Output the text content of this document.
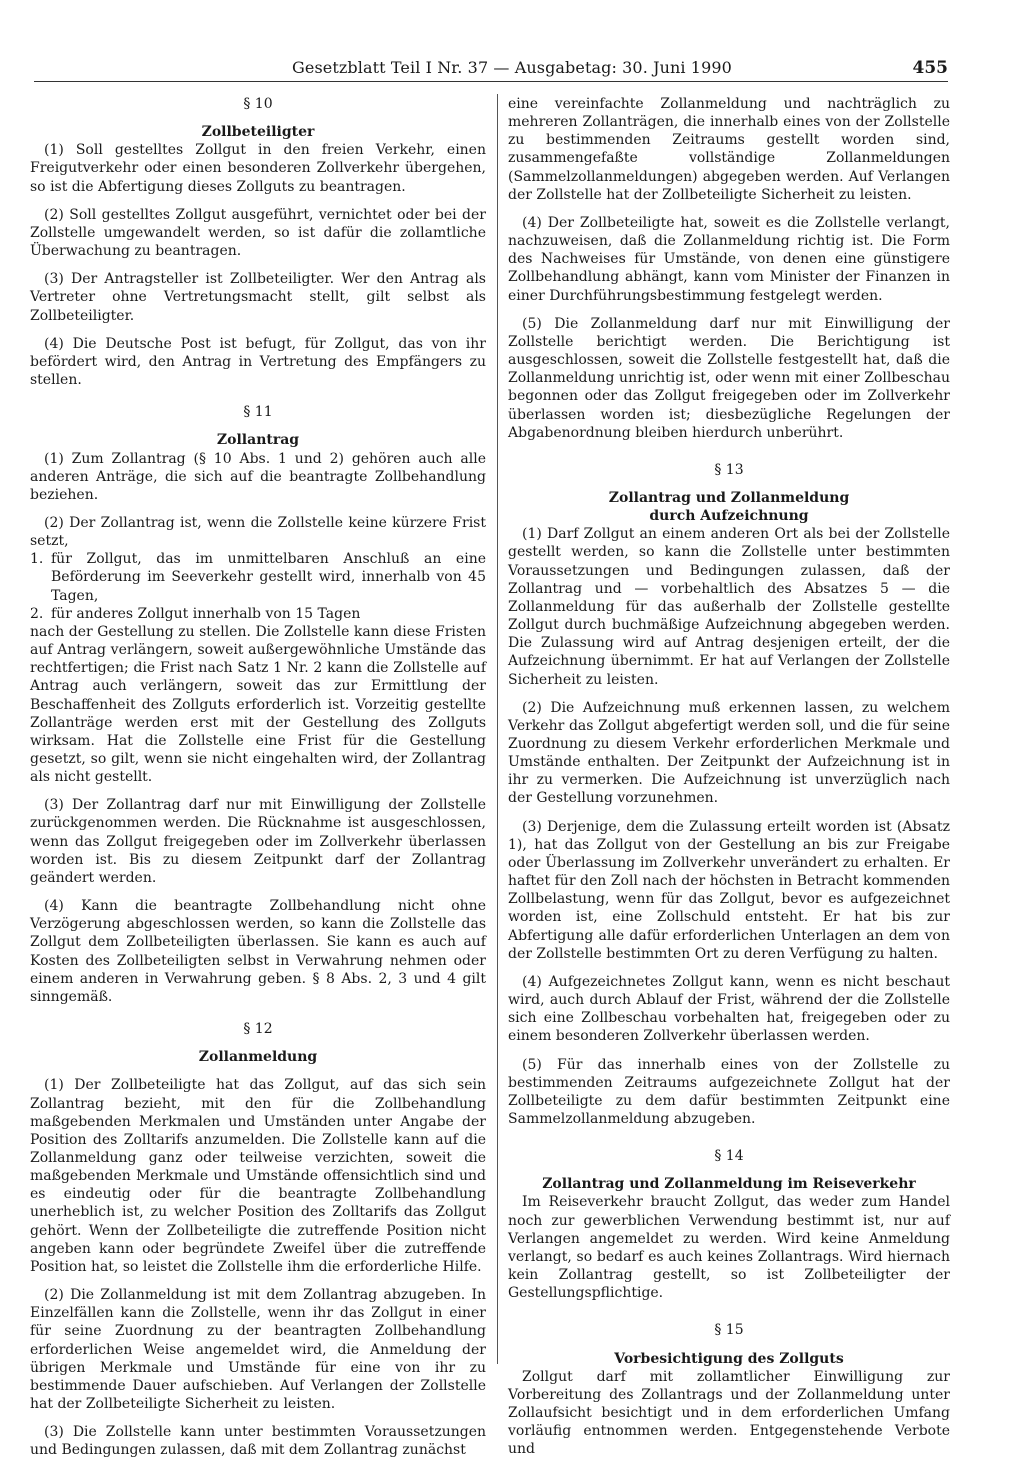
Gesetzblatt Teil I Nr. 37 — Ausgabetag: 30. Juni 1990	455

§ 10

Zollbeteiligter

(1) Soll gestelltes Zollgut in den freien Verkehr, einen Freigutverkehr oder einen besonderen Zollverkehr übergehen, so ist die Abfertigung dieses Zollguts zu beantragen.

(2) Soll gestelltes Zollgut ausgeführt, vernichtet oder bei der Zollstelle umgewandelt werden, so ist dafür die zollamtliche Überwachung zu beantragen.

(3) Der Antragsteller ist Zollbeteiligter. Wer den Antrag als Vertreter ohne Vertretungsmacht stellt, gilt selbst als Zollbeteiligter.

(4) Die Deutsche Post ist befugt, für Zollgut, das von ihr befördert wird, den Antrag in Vertretung des Empfängers zu stellen.

§ 11

Zollantrag

(1) Zum Zollantrag (§ 10 Abs. 1 und 2) gehören auch alle anderen Anträge, die sich auf die beantragte Zollbehandlung beziehen.

(2) Der Zollantrag ist, wenn die Zollstelle keine kürzere Frist setzt,

1. für Zollgut, das im unmittelbaren Anschluß an eine Beförderung im Seeverkehr gestellt wird, innerhalb von 45 Tagen,
2. für anderes Zollgut innerhalb von 15 Tagen

nach der Gestellung zu stellen. Die Zollstelle kann diese Fristen auf Antrag verlängern, soweit außergewöhnliche Umstände das rechtfertigen; die Frist nach Satz 1 Nr. 2 kann die Zollstelle auf Antrag auch verlängern, soweit das zur Ermittlung der Beschaffenheit des Zollguts erforderlich ist. Vorzeitig gestellte Zollanträge werden erst mit der Gestellung des Zollguts wirksam. Hat die Zollstelle eine Frist für die Gestellung gesetzt, so gilt, wenn sie nicht eingehalten wird, der Zollantrag als nicht gestellt.

(3) Der Zollantrag darf nur mit Einwilligung der Zollstelle zurückgenommen werden. Die Rücknahme ist ausgeschlossen, wenn das Zollgut freigegeben oder im Zollverkehr überlassen worden ist. Bis zu diesem Zeitpunkt darf der Zollantrag geändert werden.

(4) Kann die beantragte Zollbehandlung nicht ohne Verzögerung abgeschlossen werden, so kann die Zollstelle das Zollgut dem Zollbeteiligten überlassen. Sie kann es auch auf Kosten des Zollbeteiligten selbst in Verwahrung nehmen oder einem anderen in Verwahrung geben. § 8 Abs. 2, 3 und 4 gilt sinngemäß.

§ 12

Zollanmeldung

(1) Der Zollbeteiligte hat das Zollgut, auf das sich sein Zollantrag bezieht, mit den für die Zollbehandlung maßgebenden Merkmalen und Umständen unter Angabe der Position des Zolltarifs anzumelden. Die Zollstelle kann auf die Zollanmeldung ganz oder teilweise verzichten, soweit die maßgebenden Merkmale und Umstände offensichtlich sind und es eindeutig oder für die beantragte Zollbehandlung unerheblich ist, zu welcher Position des Zolltarifs das Zollgut gehört. Wenn der Zollbeteiligte die zutreffende Position nicht angeben kann oder begründete Zweifel über die zutreffende Position hat, so leistet die Zollstelle ihm die erforderliche Hilfe.

(2) Die Zollanmeldung ist mit dem Zollantrag abzugeben. In Einzelfällen kann die Zollstelle, wenn ihr das Zollgut in einer für seine Zuordnung zu der beantragten Zollbehandlung erforderlichen Weise angemeldet wird, die Anmeldung der übrigen Merkmale und Umstände für eine von ihr zu bestimmende Dauer aufschieben. Auf Verlangen der Zollstelle hat der Zollbeteiligte Sicherheit zu leisten.

(3) Die Zollstelle kann unter bestimmten Voraussetzungen und Bedingungen zulassen, daß mit dem Zollantrag zunächst

eine vereinfachte Zollanmeldung und nachträglich zu mehreren Zollanträgen, die innerhalb eines von der Zollstelle zu bestimmenden Zeitraums gestellt worden sind, zusammengefaßte vollständige Zollanmeldungen (Sammelzollanmeldungen) abgegeben werden. Auf Verlangen der Zollstelle hat der Zollbeteiligte Sicherheit zu leisten.

(4) Der Zollbeteiligte hat, soweit es die Zollstelle verlangt, nachzuweisen, daß die Zollanmeldung richtig ist. Die Form des Nachweises für Umstände, von denen eine günstigere Zollbehandlung abhängt, kann vom Minister der Finanzen in einer Durchführungsbestimmung festgelegt werden.

(5) Die Zollanmeldung darf nur mit Einwilligung der Zollstelle berichtigt werden. Die Berichtigung ist ausgeschlossen, soweit die Zollstelle festgestellt hat, daß die Zollanmeldung unrichtig ist, oder wenn mit einer Zollbeschau begonnen oder das Zollgut freigegeben oder im Zollverkehr überlassen worden ist; diesbezügliche Regelungen der Abgabenordnung bleiben hierdurch unberührt.

§ 13

Zollantrag und Zollanmeldung

durch Aufzeichnung

(1) Darf Zollgut an einem anderen Ort als bei der Zollstelle gestellt werden, so kann die Zollstelle unter bestimmten Voraussetzungen und Bedingungen zulassen, daß der Zollantrag und — vorbehaltlich des Absatzes 5 — die Zollanmeldung für das außerhalb der Zollstelle gestellte Zollgut durch buchmäßige Aufzeichnung abgegeben werden. Die Zulassung wird auf Antrag desjenigen erteilt, der die Aufzeichnung übernimmt. Er hat auf Verlangen der Zollstelle Sicherheit zu leisten.

(2) Die Aufzeichnung muß erkennen lassen, zu welchem Verkehr das Zollgut abgefertigt werden soll, und die für seine Zuordnung zu diesem Verkehr erforderlichen Merkmale und Umstände enthalten. Der Zeitpunkt der Aufzeichnung ist in ihr zu vermerken. Die Aufzeichnung ist unverzüglich nach der Gestellung vorzunehmen.

(3) Derjenige, dem die Zulassung erteilt worden ist (Absatz 1), hat das Zollgut von der Gestellung an bis zur Freigabe oder Überlassung im Zollverkehr unverändert zu erhalten. Er haftet für den Zoll nach der höchsten in Betracht kommenden Zollbelastung, wenn für das Zollgut, bevor es aufgezeichnet worden ist, eine Zollschuld entsteht. Er hat bis zur Abfertigung alle dafür erforderlichen Unterlagen an dem von der Zollstelle bestimmten Ort zu deren Verfügung zu halten.

(4) Aufgezeichnetes Zollgut kann, wenn es nicht beschaut wird, auch durch Ablauf der Frist, während der die Zollstelle sich eine Zollbeschau vorbehalten hat, freigegeben oder zu einem besonderen Zollverkehr überlassen werden.

(5) Für das innerhalb eines von der Zollstelle zu bestimmenden Zeitraums aufgezeichnete Zollgut hat der Zollbeteiligte zu dem dafür bestimmten Zeitpunkt eine Sammelzollanmeldung abzugeben.

§ 14

Zollantrag und Zollanmeldung im Reiseverkehr

Im Reiseverkehr braucht Zollgut, das weder zum Handel noch zur gewerblichen Verwendung bestimmt ist, nur auf Verlangen angemeldet zu werden. Wird keine Anmeldung verlangt, so bedarf es auch keines Zollantrags. Wird hiernach kein Zollantrag gestellt, so ist Zollbeteiligter der Gestellungspflichtige.

§ 15

Vorbesichtigung des Zollguts

Zollgut darf mit zollamtlicher Einwilligung zur Vorbereitung des Zollantrags und der Zollanmeldung unter Zollaufsicht besichtigt und in dem erforderlichen Umfang vorläufig entnommen werden. Entgegenstehende Verbote und
